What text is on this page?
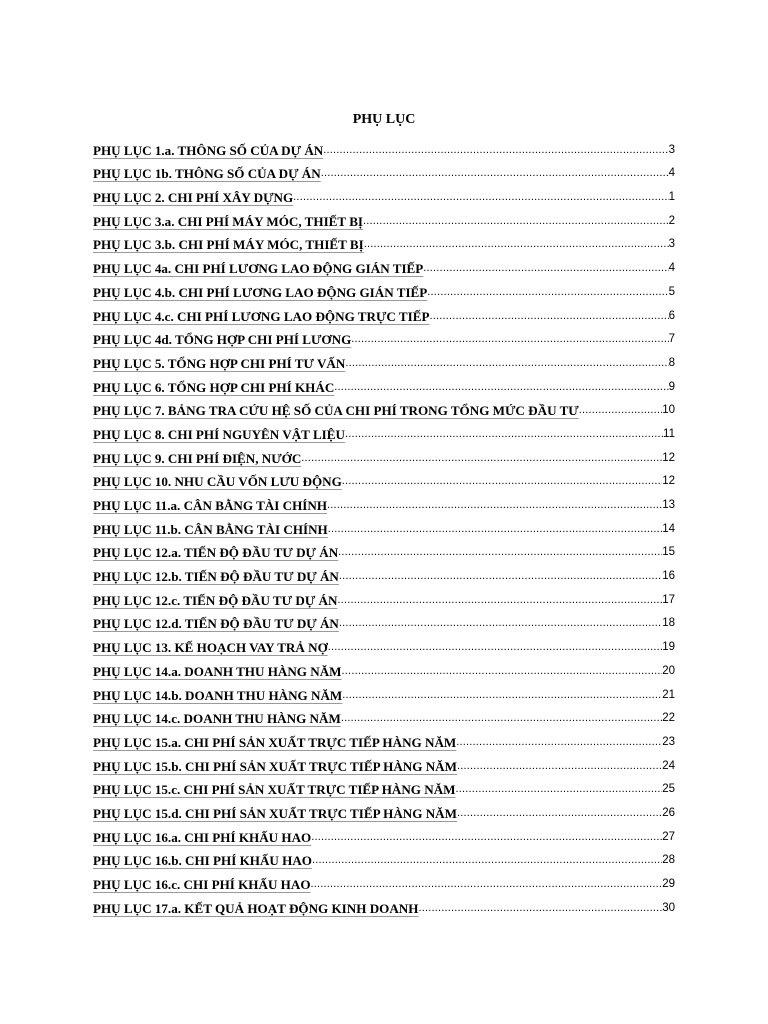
PHỤ LỤC
PHỤ LỤC 1.a. THÔNG SỐ CỦA DỰ ÁN .....	3
PHỤ LỤC 1b. THÔNG SỐ CỦA DỰ ÁN .....	4
PHỤ LỤC 2. CHI PHÍ XÂY DỰNG .....	1
PHỤ LỤC 3.a. CHI PHÍ MÁY MÓC, THIẾT BỊ .....	2
PHỤ LỤC 3.b. CHI PHÍ MÁY MÓC, THIẾT BỊ .....	3
PHỤ LỤC 4a. CHI PHÍ LƯƠNG LAO ĐỘNG GIÁN TIẾP .....	4
PHỤ LỤC 4.b. CHI PHÍ LƯƠNG LAO ĐỘNG GIÁN TIẾP .....	5
PHỤ LỤC 4.c. CHI PHÍ LƯƠNG LAO ĐỘNG TRỰC TIẾP .....	6
PHỤ LỤC 4d. TỔNG HỢP CHI PHÍ LƯƠNG .....	7
PHỤ LỤC 5. TỔNG HỢP CHI PHÍ TƯ VẤN .....	8
PHỤ LỤC 6. TỔNG HỢP CHI PHÍ KHÁC .....	9
PHỤ LỤC 7. BẢNG TRA CỨU HỆ SỐ CỦA CHI PHÍ TRONG TỔNG MỨC ĐẦU TƯ .....	10
PHỤ LỤC 8. CHI PHÍ NGUYÊN VẬT LIỆU .....	11
PHỤ LỤC 9. CHI PHÍ ĐIỆN, NƯỚC .....	12
PHỤ LỤC 10. NHU CẦU VỐN LƯU ĐỘNG .....	12
PHỤ LỤC 11.a. CÂN BẰNG TÀI CHÍNH .....	13
PHỤ LỤC 11.b. CÂN BẰNG TÀI CHÍNH .....	14
PHỤ LỤC 12.a. TIẾN ĐỘ ĐẦU TƯ DỰ ÁN .....	15
PHỤ LỤC 12.b. TIẾN ĐỘ ĐẦU TƯ DỰ ÁN .....	16
PHỤ LỤC 12.c. TIẾN ĐỘ ĐẦU TƯ DỰ ÁN .....	17
PHỤ LỤC 12.d. TIẾN ĐỘ ĐẦU TƯ DỰ ÁN .....	18
PHỤ LỤC 13. KẾ HOẠCH VAY TRẢ NỢ .....	19
PHỤ LỤC 14.a. DOANH THU HÀNG NĂM .....	20
PHỤ LỤC 14.b. DOANH THU HÀNG NĂM .....	21
PHỤ LỤC 14.c. DOANH THU HÀNG NĂM .....	22
PHỤ LỤC 15.a. CHI PHÍ SẢN XUẤT TRỰC TIẾP HÀNG NĂM .....	23
PHỤ LỤC 15.b. CHI PHÍ SẢN XUẤT TRỰC TIẾP HÀNG NĂM .....	24
PHỤ LỤC 15.c. CHI PHÍ SẢN XUẤT TRỰC TIẾP HÀNG NĂM .....	25
PHỤ LỤC 15.d. CHI PHÍ SẢN XUẤT TRỰC TIẾP HÀNG NĂM .....	26
PHỤ LỤC 16.a. CHI PHÍ KHẤU HAO .....	27
PHỤ LỤC 16.b. CHI PHÍ KHẤU HAO .....	28
PHỤ LỤC 16.c. CHI PHÍ KHẤU HAO .....	29
PHỤ LỤC 17.a. KẾT QUẢ HOẠT ĐỘNG KINH DOANH .....	30
